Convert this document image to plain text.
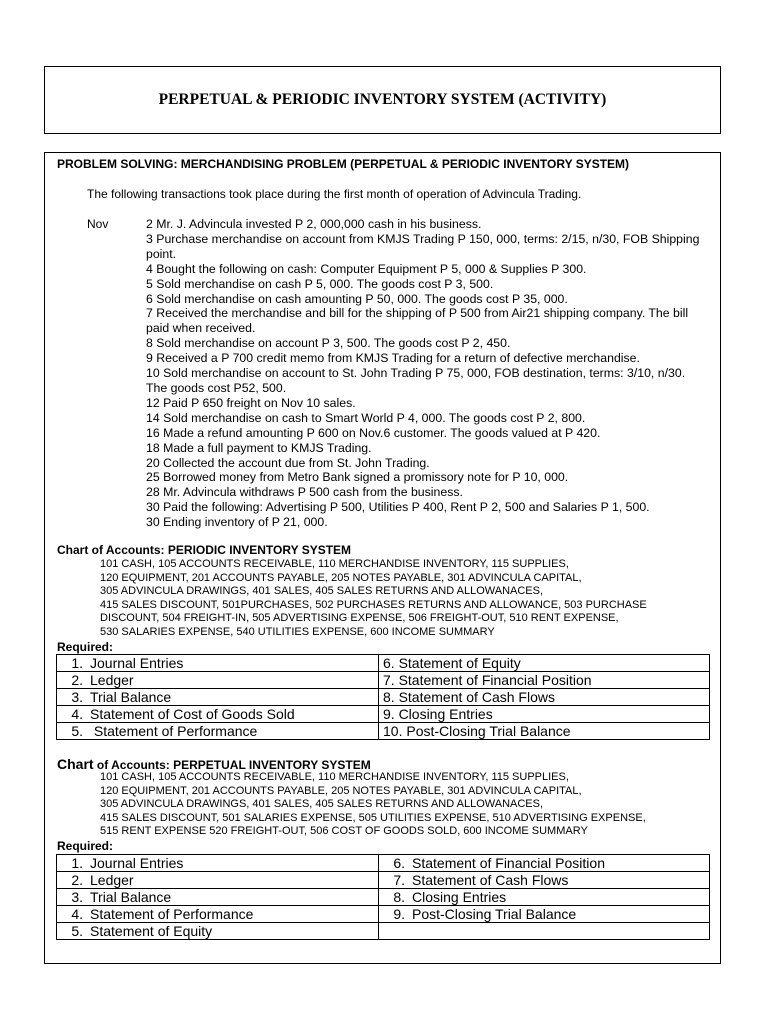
PERPETUAL & PERIODIC INVENTORY SYSTEM (ACTIVITY)
PROBLEM SOLVING: MERCHANDISING PROBLEM (PERPETUAL & PERIODIC INVENTORY SYSTEM)
The following transactions took place during the first month of operation of Advincula Trading.
Nov	2 Mr. J. Advincula invested P 2, 000,000 cash in his business.
3 Purchase merchandise on account from KMJS Trading P 150, 000, terms: 2/15, n/30, FOB Shipping
point.
4 Bought the following on cash: Computer Equipment P 5, 000 & Supplies P 300.
5 Sold merchandise on cash P 5, 000. The goods cost P 3, 500.
6 Sold merchandise on cash amounting P 50, 000. The goods cost P 35, 000.
7 Received the merchandise and bill for the shipping of P 500 from Air21 shipping company. The bill
paid when received.
8 Sold merchandise on account P 3, 500. The goods cost P 2, 450.
9 Received a P 700 credit memo from KMJS Trading for a return of defective merchandise.
10 Sold merchandise on account to St. John Trading P 75, 000, FOB destination, terms: 3/10, n/30.
The goods cost P52, 500.
12 Paid P 650 freight on Nov 10 sales.
14 Sold merchandise on cash to Smart World P 4, 000. The goods cost P 2, 800.
16 Made a refund amounting P 600 on Nov.6 customer. The goods valued at P 420.
18 Made a full payment to KMJS Trading.
20 Collected the account due from St. John Trading.
25 Borrowed money from Metro Bank signed a promissory note for P 10, 000.
28 Mr. Advincula withdraws P 500 cash from the business.
30 Paid the following: Advertising P 500, Utilities P 400, Rent P 2, 500 and Salaries P 1, 500.
30 Ending inventory of P 21, 000.
Chart of Accounts: PERIODIC INVENTORY SYSTEM
101 CASH, 105 ACCOUNTS RECEIVABLE, 110 MERCHANDISE INVENTORY, 115 SUPPLIES,
120 EQUIPMENT, 201 ACCOUNTS PAYABLE, 205 NOTES PAYABLE, 301 ADVINCULA CAPITAL,
305 ADVINCULA DRAWINGS, 401 SALES, 405 SALES RETURNS AND ALLOWANACES,
415 SALES DISCOUNT, 501PURCHASES, 502 PURCHASES RETURNS AND ALLOWANCE, 503 PURCHASE
DISCOUNT, 504 FREIGHT-IN, 505 ADVERTISING EXPENSE, 506 FREIGHT-OUT, 510 RENT EXPENSE,
530 SALARIES EXPENSE, 540 UTILITIES EXPENSE, 600 INCOME SUMMARY
Required:
1. Journal Entries	6. Statement of Equity
2. Ledger	7. Statement of Financial Position
3. Trial Balance	8. Statement of Cash Flows
4. Statement of Cost of Goods Sold	9. Closing Entries
5. Statement of Performance	10. Post-Closing Trial Balance
Chart of Accounts: PERPETUAL INVENTORY SYSTEM
101 CASH, 105 ACCOUNTS RECEIVABLE, 110 MERCHANDISE INVENTORY, 115 SUPPLIES,
120 EQUIPMENT, 201 ACCOUNTS PAYABLE, 205 NOTES PAYABLE, 301 ADVINCULA CAPITAL,
305 ADVINCULA DRAWINGS, 401 SALES, 405 SALES RETURNS AND ALLOWANACES,
415 SALES DISCOUNT, 501 SALARIES EXPENSE, 505 UTILITIES EXPENSE, 510 ADVERTISING EXPENSE,
515 RENT EXPENSE 520 FREIGHT-OUT, 506 COST OF GOODS SOLD, 600 INCOME SUMMARY
Required:
1. Journal Entries	6. Statement of Financial Position
2. Ledger	7. Statement of Cash Flows
3. Trial Balance	8. Closing Entries
4. Statement of Performance	9. Post-Closing Trial Balance
5. Statement of Equity	
